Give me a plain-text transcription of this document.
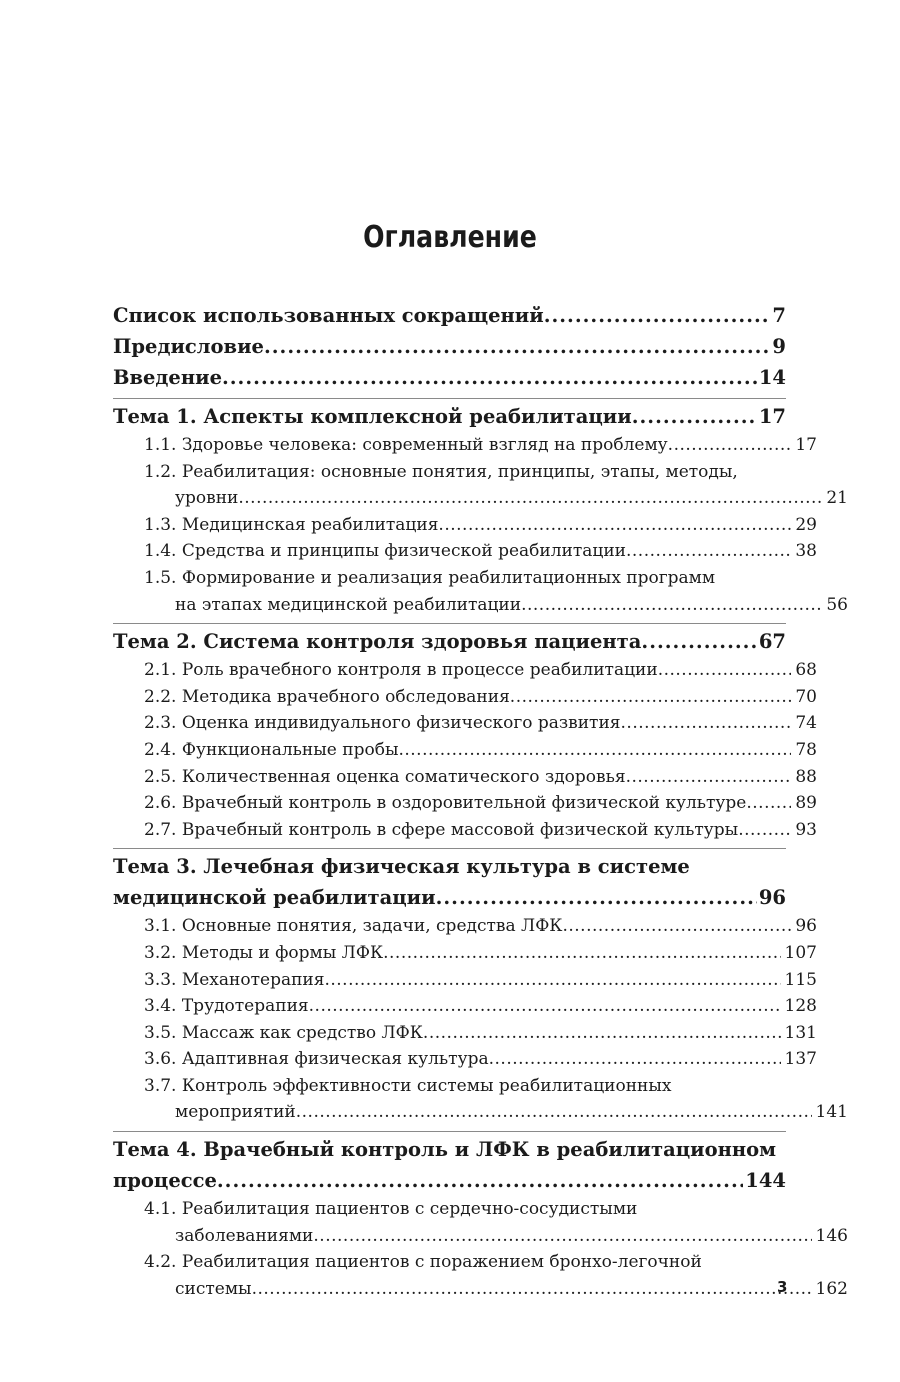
Оглавление
Список использованных сокращений .....	7
Предисловие .....	9
Введение .....	14
Тема 1. Аспекты комплексной реабилитации .....	17
1.1. Здоровье человека: современный взгляд на проблему .....	17
1.2. Реабилитация: основные понятия, принципы, этапы, методы,
уровни .....	21
1.3. Медицинская реабилитация .....	29
1.4. Средства и принципы физической реабилитации .....	38
1.5. Формирование и реализация реабилитационных программ
на этапах медицинской реабилитации .....	56
Тема 2. Система контроля здоровья пациента .....	67
2.1. Роль врачебного контроля в процессе реабилитации .....	68
2.2. Методика врачебного обследования .....	70
2.3. Оценка индивидуального физического развития .....	74
2.4. Функциональные пробы .....	78
2.5. Количественная оценка соматического здоровья .....	88
2.6. Врачебный контроль в оздоровительной физической культуре .....	89
2.7. Врачебный контроль в сфере массовой физической культуры .....	93
Тема 3. Лечебная физическая культура в системе
медицинской реабилитации .....	96
3.1. Основные понятия, задачи, средства ЛФК .....	96
3.2. Методы и формы ЛФК .....	107
3.3. Механотерапия .....	115
3.4. Трудотерапия .....	128
3.5. Массаж как средство ЛФК .....	131
3.6. Адаптивная физическая культура .....	137
3.7. Контроль эффективности системы реабилитационных
мероприятий .....	141
Тема 4. Врачебный контроль и ЛФК в реабилитационном
процессе .....	144
4.1. Реабилитация пациентов с сердечно-сосудистыми
заболеваниями .....	146
4.2. Реабилитация пациентов с поражением бронхо-легочной
системы .....	162
3
